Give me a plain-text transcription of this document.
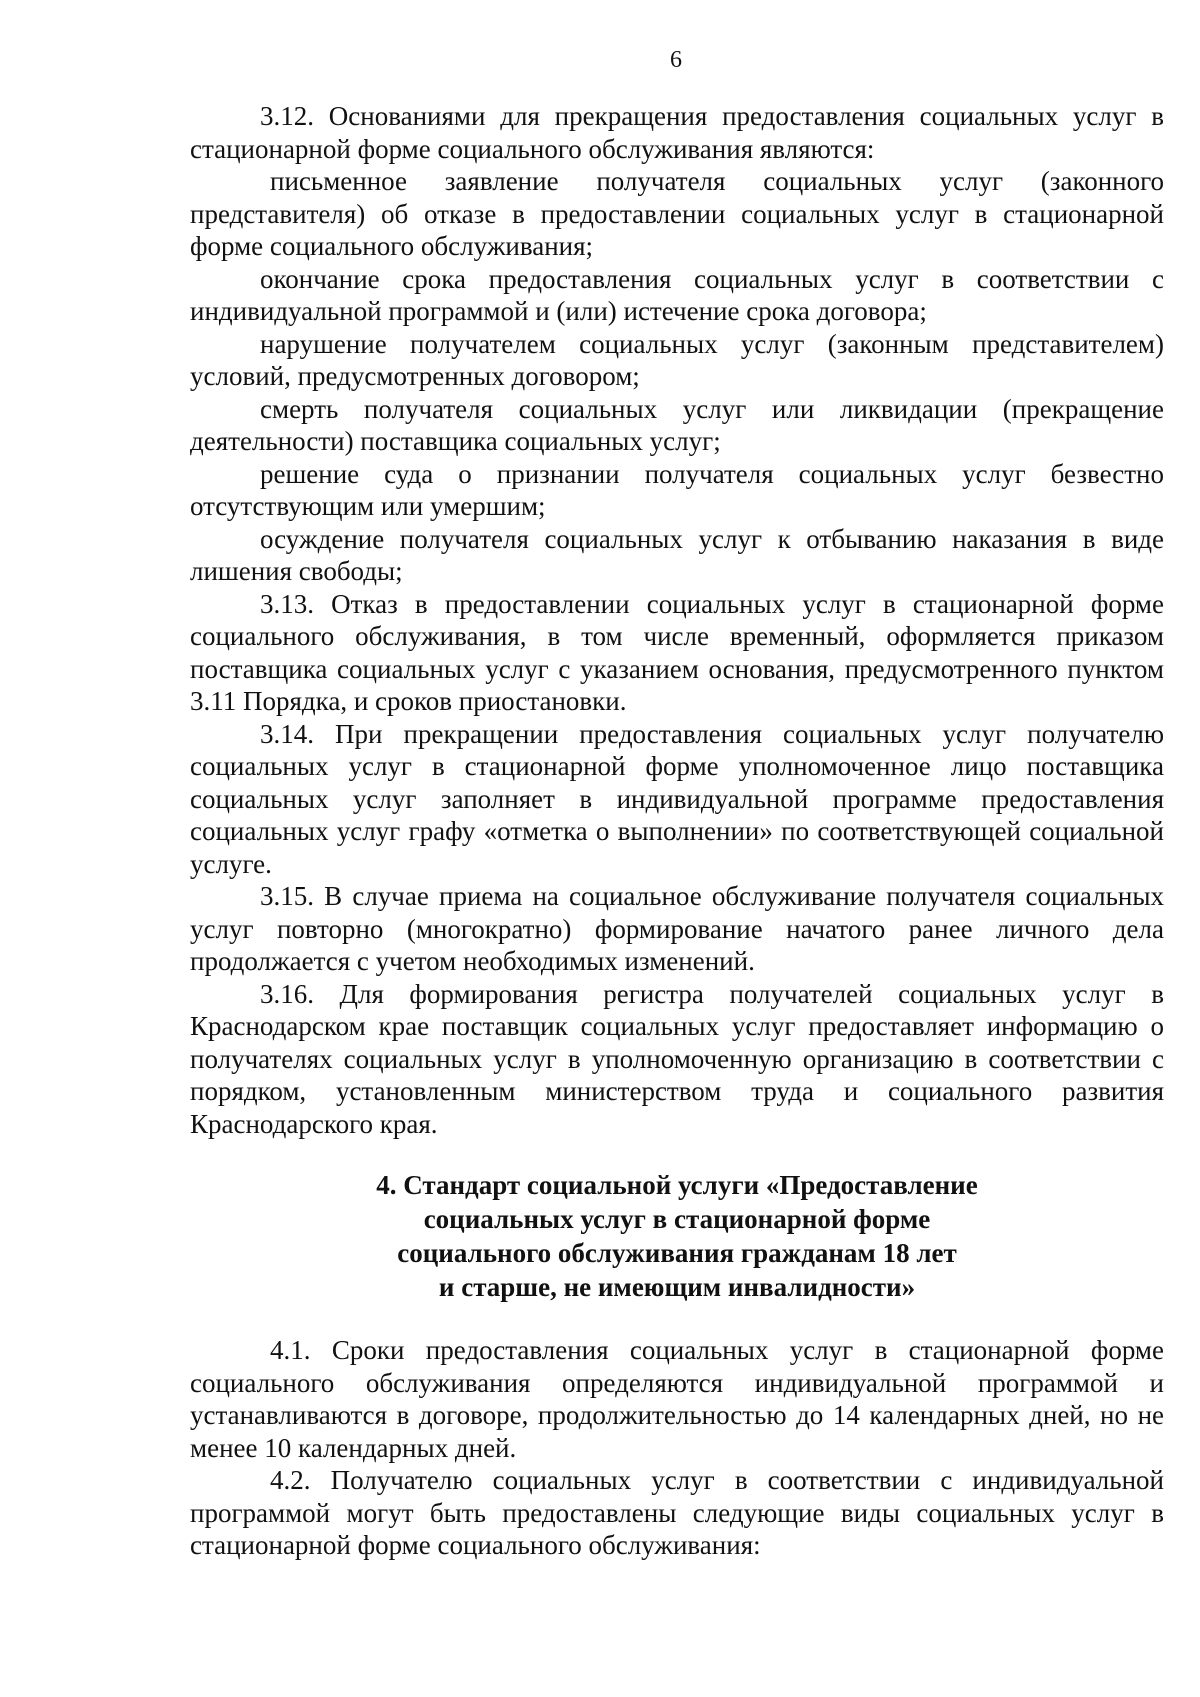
6

3.12. Основаниями для прекращения предоставления социальных услуг в стационарной форме социального обслуживания являются:

письменное заявление получателя социальных услуг (законного представителя) об отказе в предоставлении социальных услуг в стационарной форме социального обслуживания;

окончание срока предоставления социальных услуг в соответствии с индивидуальной программой и (или) истечение срока договора;

нарушение получателем социальных услуг (законным представителем) условий, предусмотренных договором;

смерть получателя социальных услуг или ликвидации (прекращение деятельности) поставщика социальных услуг;

решение суда о признании получателя социальных услуг безвестно отсутствующим или умершим;

осуждение получателя социальных услуг к отбыванию наказания в виде лишения свободы;

3.13. Отказ в предоставлении социальных услуг в стационарной форме социального обслуживания, в том числе временный, оформляется приказом поставщика социальных услуг с указанием основания, предусмотренного пунктом 3.11 Порядка, и сроков приостановки.

3.14. При прекращении предоставления социальных услуг получателю социальных услуг в стационарной форме уполномоченное лицо поставщика социальных услуг заполняет в индивидуальной программе предоставления социальных услуг графу «отметка о выполнении» по соответствующей социальной услуге.

3.15. В случае приема на социальное обслуживание получателя социальных услуг повторно (многократно) формирование начатого ранее личного дела продолжается с учетом необходимых изменений.

3.16. Для формирования регистра получателей социальных услуг в Краснодарском крае поставщик социальных услуг предоставляет информацию о получателях социальных услуг в уполномоченную организацию в соответствии с порядком, установленным министерством труда и социального развития Краснодарского края.

4. Стандарт социальной услуги «Предоставление
социальных услуг в стационарной форме
социального обслуживания гражданам 18 лет
и старше, не имеющим инвалидности»

4.1. Сроки предоставления социальных услуг в стационарной форме социального обслуживания определяются индивидуальной программой и устанавливаются в договоре, продолжительностью до 14 календарных дней, но не менее 10 календарных дней.

4.2. Получателю социальных услуг в соответствии с индивидуальной программой могут быть предоставлены следующие виды социальных услуг в стационарной форме социального обслуживания:
